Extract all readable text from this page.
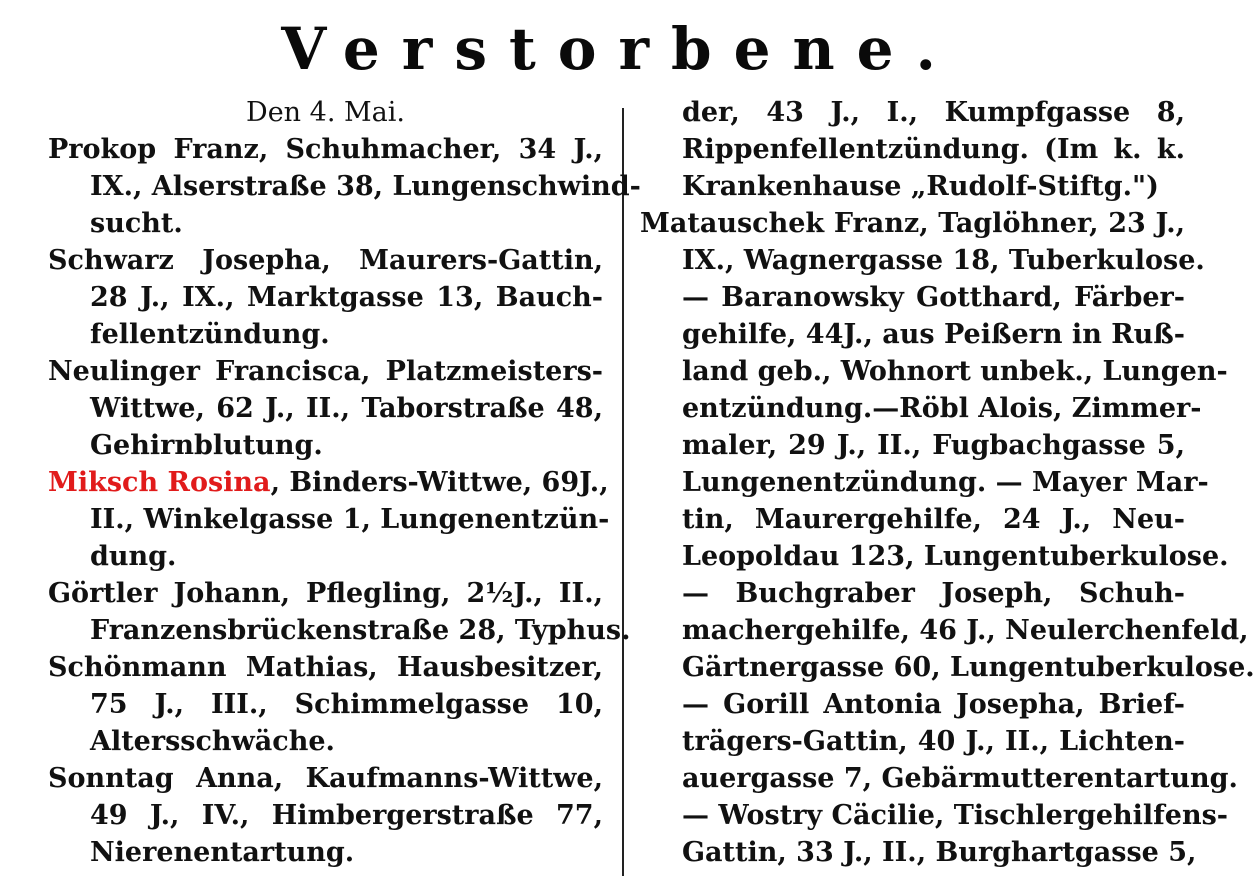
Verstorbene.
Den 4. Mai.
Prokop Franz, Schuhmacher, 34 J.,
IX., Alserstraße 38, Lungenschwind-
sucht.
Schwarz Josepha, Maurers-Gattin,
28 J., IX., Marktgasse 13, Bauch-
fellentzündung.
Neulinger Francisca, Platzmeisters-
Wittwe, 62 J., II., Taborstraße 48,
Gehirnblutung.
Miksch Rosina, Binders-Wittwe, 69J.,
II., Winkelgasse 1, Lungenentzün-
dung.
Görtler Johann, Pflegling, 2½J., II.,
Franzensbrückenstraße 28, Typhus.
Schönmann Mathias, Hausbesitzer,
75 J., III., Schimmelgasse 10,
Altersschwäche.
Sonntag Anna, Kaufmanns-Wittwe,
49 J., IV., Himbergerstraße 77,
Nierenentartung.
der, 43 J., I., Kumpfgasse 8,
Rippenfellentzündung. (Im k. k.
Krankenhause „Rudolf-Stiftg.")
Matauschek Franz, Taglöhner, 23 J.,
IX., Wagnergasse 18, Tuberkulose.
— Baranowsky Gotthard, Färber-
gehilfe, 44J., aus Peißern in Ruß-
land geb., Wohnort unbek., Lungen-
entzündung.—Röbl Alois, Zimmer-
maler, 29 J., II., Fugbachgasse 5,
Lungenentzündung. — Mayer Mar-
tin, Maurergehilfe, 24 J., Neu-
Leopoldau 123, Lungentuberkulose.
— Buchgraber Joseph, Schuh-
machergehilfe, 46 J., Neulerchenfeld,
Gärtnergasse 60, Lungentuberkulose.
— Gorill Antonia Josepha, Brief-
trägers-Gattin, 40 J., II., Lichten-
auergasse 7, Gebärmutterentartung.
— Wostry Cäcilie, Tischlergehilfens-
Gattin, 33 J., II., Burghartgasse 5,
